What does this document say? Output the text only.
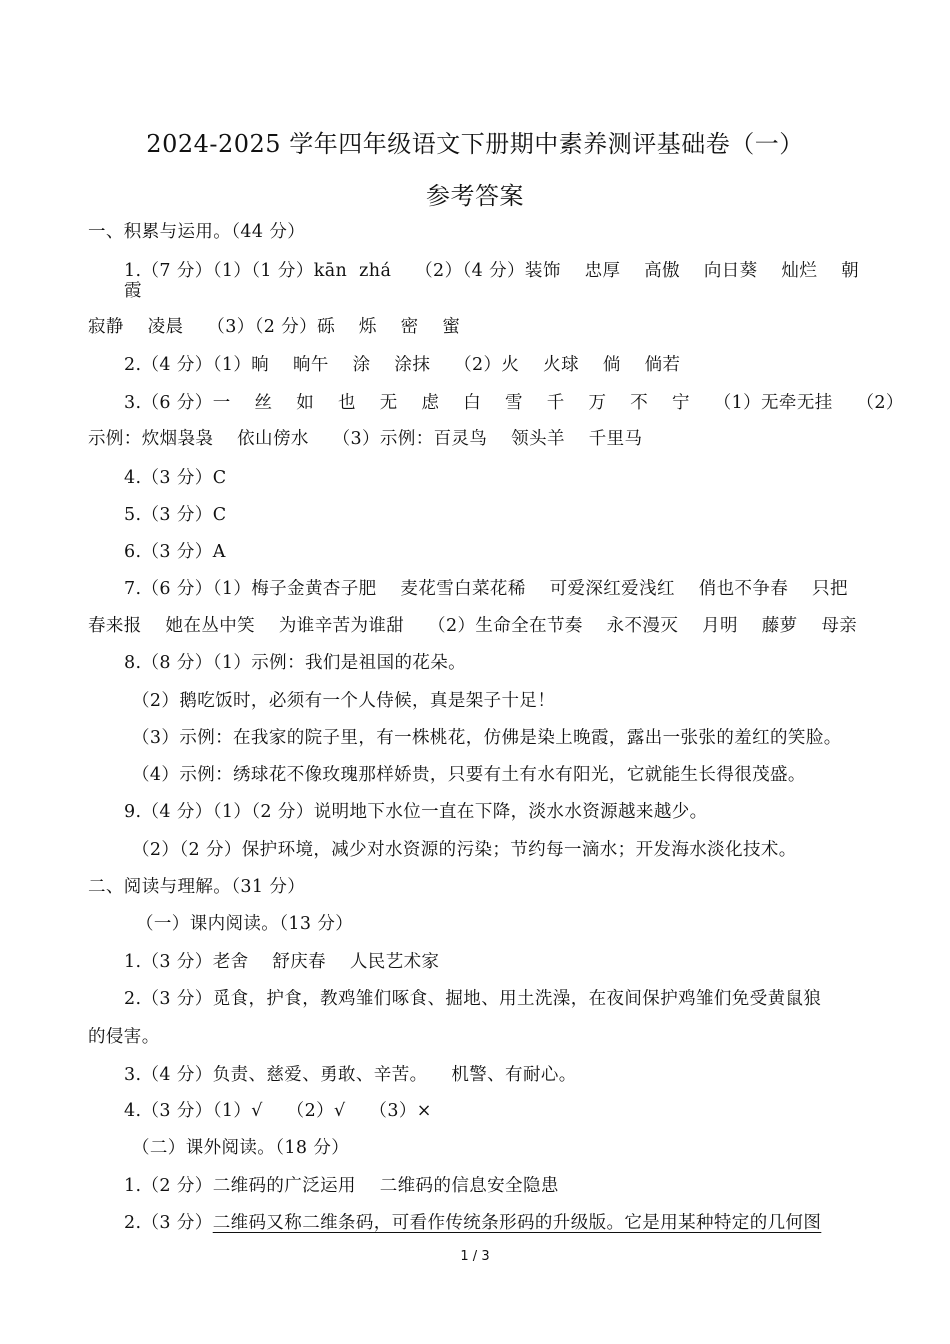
2024-2025 学年四年级语文下册期中素养测评基础卷（一）
参考答案
一、积累与运用。（44 分）
1.（7 分）（1）（1 分）kān  zhá    （2）（4 分）装饰    忠厚    高傲    向日葵    灿烂    朝
霞
寂静    凌晨    （3）（2 分）砾    烁    密    蜜
2.（4 分）（1）晌    晌午    涂    涂抹    （2）火    火球    倘    倘若
3.（6 分）一    丝    如    也    无    虑    白    雪    千    万    不    宁    （1）无牵无挂    （2）
示例：炊烟袅袅    依山傍水    （3）示例：百灵鸟    领头羊    千里马
4.（3 分）C
5.（3 分）C
6.（3 分）A
7.（6 分）（1）梅子金黄杏子肥    麦花雪白菜花稀    可爱深红爱浅红    俏也不争春    只把
春来报    她在丛中笑    为谁辛苦为谁甜    （2）生命全在节奏    永不漫灭    月明    藤萝    母亲
8.（8 分）（1）示例：我们是祖国的花朵。
（2）鹅吃饭时，必须有一个人侍候，真是架子十足！
（3）示例：在我家的院子里，有一株桃花，仿佛是染上晚霞，露出一张张的羞红的笑脸。
（4）示例：绣球花不像玫瑰那样娇贵，只要有土有水有阳光，它就能生长得很茂盛。
9.（4 分）（1）（2 分）说明地下水位一直在下降，淡水水资源越来越少。
（2）（2 分）保护环境，减少对水资源的污染；节约每一滴水；开发海水淡化技术。
二、阅读与理解。（31 分）
（一）课内阅读。（13 分）
1.（3 分）老舍    舒庆春    人民艺术家
2.（3 分）觅食，护食，教鸡雏们啄食、掘地、用土洗澡，在夜间保护鸡雏们免受黄鼠狼
的侵害。
3.（4 分）负责、慈爱、勇敢、辛苦。    机警、有耐心。
4.（3 分）（1）√    （2）√    （3）×
（二）课外阅读。（18 分）
1.（2 分）二维码的广泛运用    二维码的信息安全隐患
2.（3 分）二维码又称二维条码，可看作传统条形码的升级版。它是用某种特定的几何图
1 / 3
